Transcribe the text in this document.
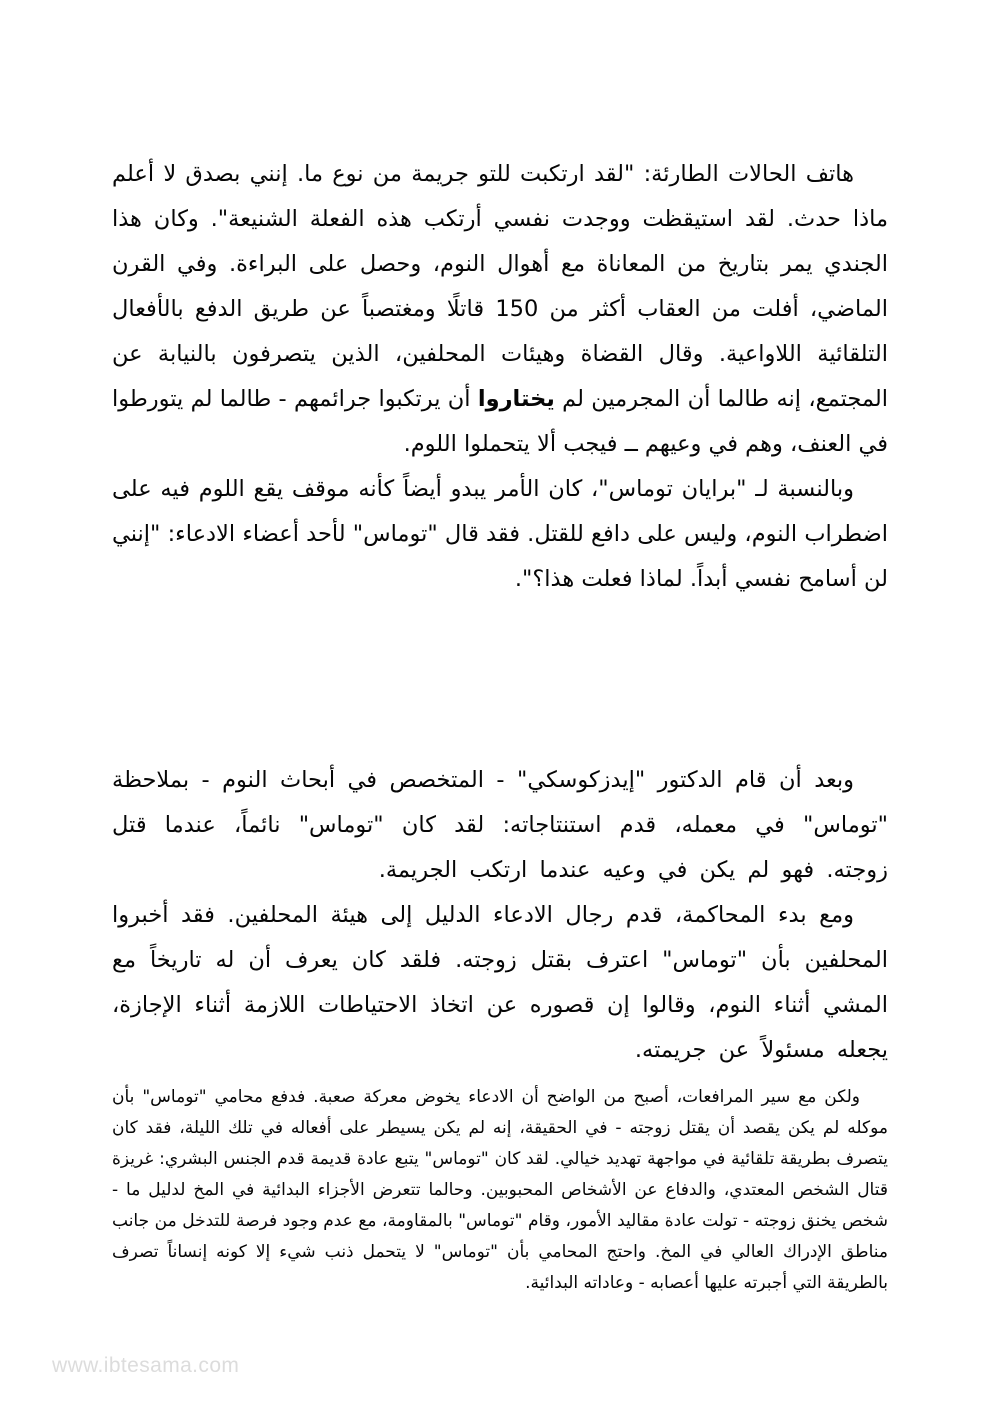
هاتف الحالات الطارئة: "لقد ارتكبت للتو جريمة من نوع ما. إنني بصدق لا أعلم ماذا حدث. لقد استيقظت ووجدت نفسي أرتكب هذه الفعلة الشنيعة". وكان هذا الجندي يمر بتاريخ من المعاناة مع أهوال النوم، وحصل على البراءة. وفي القرن الماضي، أفلت من العقاب أكثر من 150 قاتلًا ومغتصباً عن طريق الدفع بالأفعال التلقائية اللاواعية. وقال القضاة وهيئات المحلفين، الذين يتصرفون بالنيابة عن المجتمع، إنه طالما أن المجرمين لم يختاروا أن يرتكبوا جرائمهم - طالما لم يتورطوا في العنف، وهم في وعيهم ــ فيجب ألا يتحملوا اللوم.

وبالنسبة لـ "برايان توماس"، كان الأمر يبدو أيضاً كأنه موقف يقع اللوم فيه على اضطراب النوم، وليس على دافع للقتل. فقد قال "توماس" لأحد أعضاء الادعاء: "إنني لن أسامح نفسي أبداً. لماذا فعلت هذا؟".

وبعد أن قام الدكتور "إيدزكوسكي" - المتخصص في أبحاث النوم - بملاحظة "توماس" في معمله، قدم استنتاجاته: لقد كان "توماس" نائماً، عندما قتل زوجته. فهو لم يكن في وعيه عندما ارتكب الجريمة.

ومع بدء المحاكمة، قدم رجال الادعاء الدليل إلى هيئة المحلفين. فقد أخبروا المحلفين بأن "توماس" اعترف بقتل زوجته. فلقد كان يعرف أن له تاريخاً مع المشي أثناء النوم، وقالوا إن قصوره عن اتخاذ الاحتياطات اللازمة أثناء الإجازة، يجعله مسئولاً عن جريمته.

ولكن مع سير المرافعات، أصبح من الواضح أن الادعاء يخوض معركة صعبة. فدفع محامي "توماس" بأن موكله لم يكن يقصد أن يقتل زوجته - في الحقيقة، إنه لم يكن يسيطر على أفعاله في تلك الليلة، فقد كان يتصرف بطريقة تلقائية في مواجهة تهديد خيالي. لقد كان "توماس" يتبع عادة قديمة قدم الجنس البشري: غريزة قتال الشخص المعتدي، والدفاع عن الأشخاص المحبوبين. وحالما تتعرض الأجزاء البدائية في المخ لدليل ما - شخص يخنق زوجته - تولت عادة مقاليد الأمور، وقام "توماس" بالمقاومة، مع عدم وجود فرصة للتدخل من جانب مناطق الإدراك العالي في المخ. واحتج المحامي بأن "توماس" لا يتحمل ذنب شيء إلا كونه إنساناً تصرف بالطريقة التي أجبرته عليها أعصابه - وعاداته البدائية.

www.ibtesama.com
